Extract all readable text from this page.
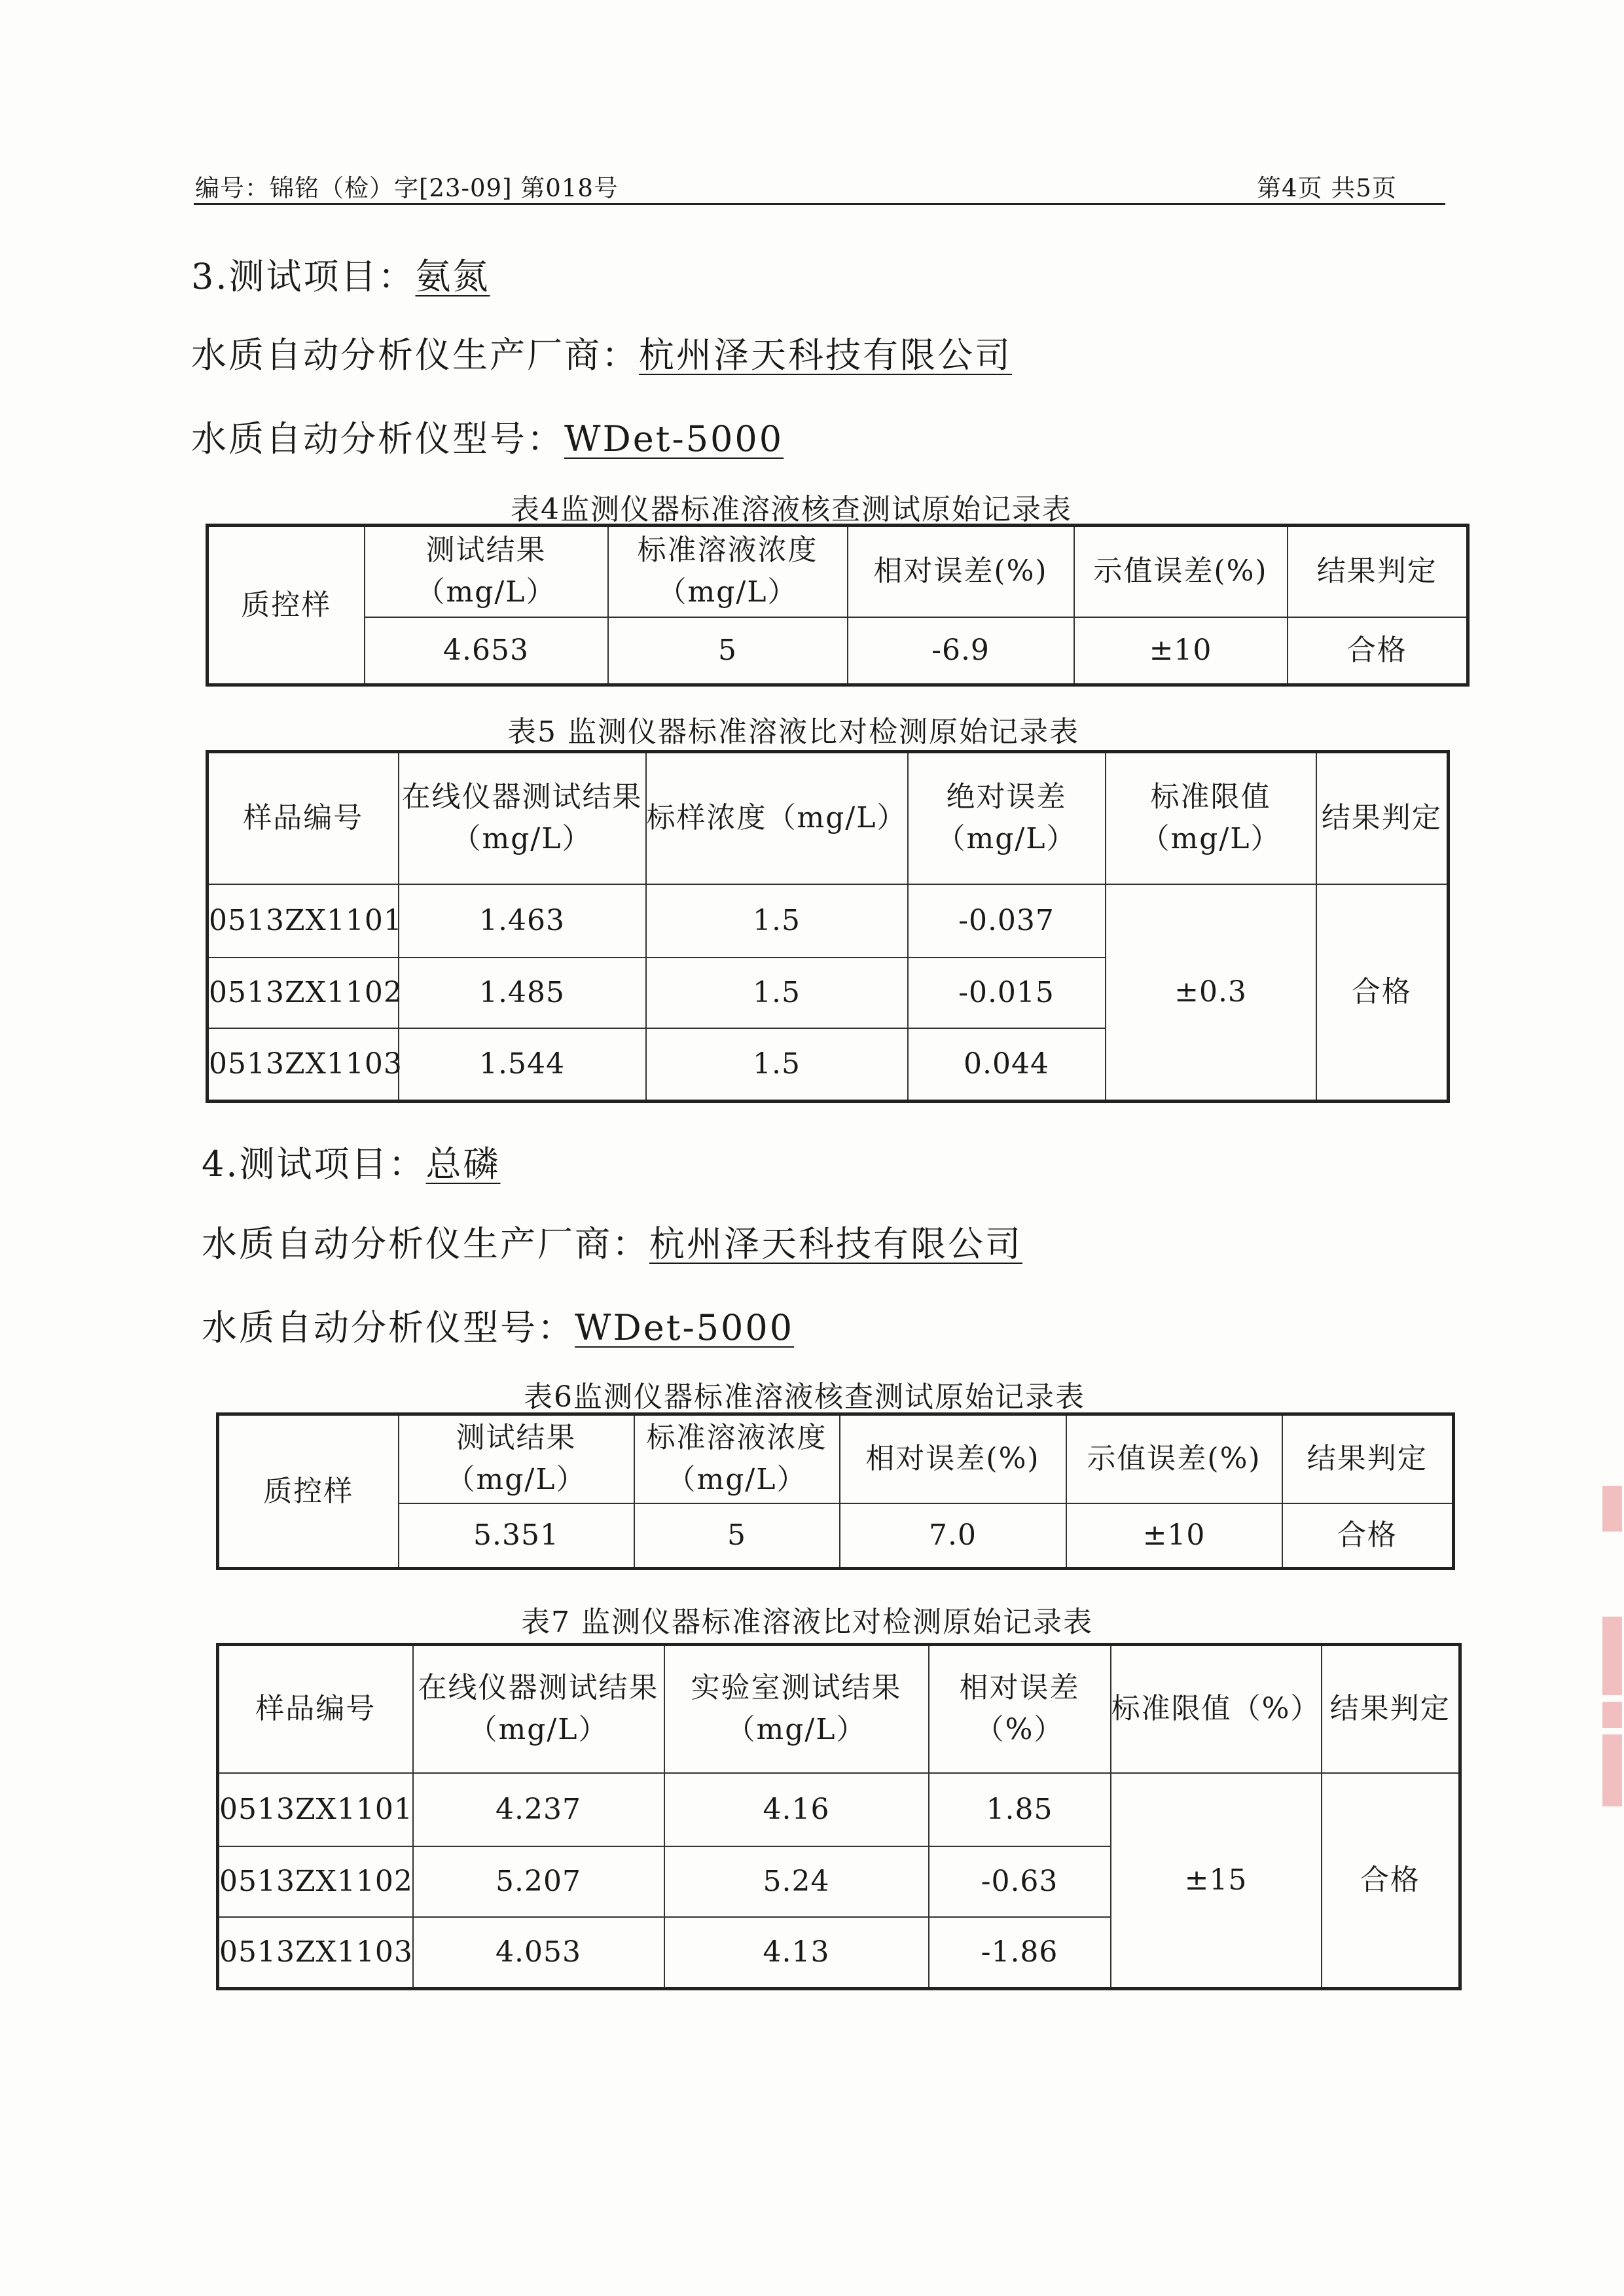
编号：锦铭（检）字[23-09] 第018号	第4页 共5页
3.测试项目：氨氮
水质自动分析仪生产厂商：杭州泽天科技有限公司
水质自动分析仪型号：WDet-5000
表4监测仪器标准溶液核查测试原始记录表
质控样	测试结果（mg/L）	标准溶液浓度（mg/L）	相对误差(%)	示值误差(%)	结果判定
	4.653	5	-6.9	±10	合格
表5 监测仪器标准溶液比对检测原始记录表
样品编号	在线仪器测试结果（mg/L）	标样浓度（mg/L）	绝对误差（mg/L）	标准限值（mg/L）	结果判定
0513ZX1101	1.463	1.5	-0.037	±0.3	合格
0513ZX1102	1.485	1.5	-0.015		
0513ZX1103	1.544	1.5	0.044		
4.测试项目：总磷
水质自动分析仪生产厂商：杭州泽天科技有限公司
水质自动分析仪型号：WDet-5000
表6监测仪器标准溶液核查测试原始记录表
质控样	测试结果（mg/L）	标准溶液浓度（mg/L）	相对误差(%)	示值误差(%)	结果判定
	5.351	5	7.0	±10	合格
表7 监测仪器标准溶液比对检测原始记录表
样品编号	在线仪器测试结果（mg/L）	实验室测试结果（mg/L）	相对误差（%）	标准限值（%）	结果判定
0513ZX1101	4.237	4.16	1.85	±15	合格
0513ZX1102	5.207	5.24	-0.63		
0513ZX1103	4.053	4.13	-1.86		
